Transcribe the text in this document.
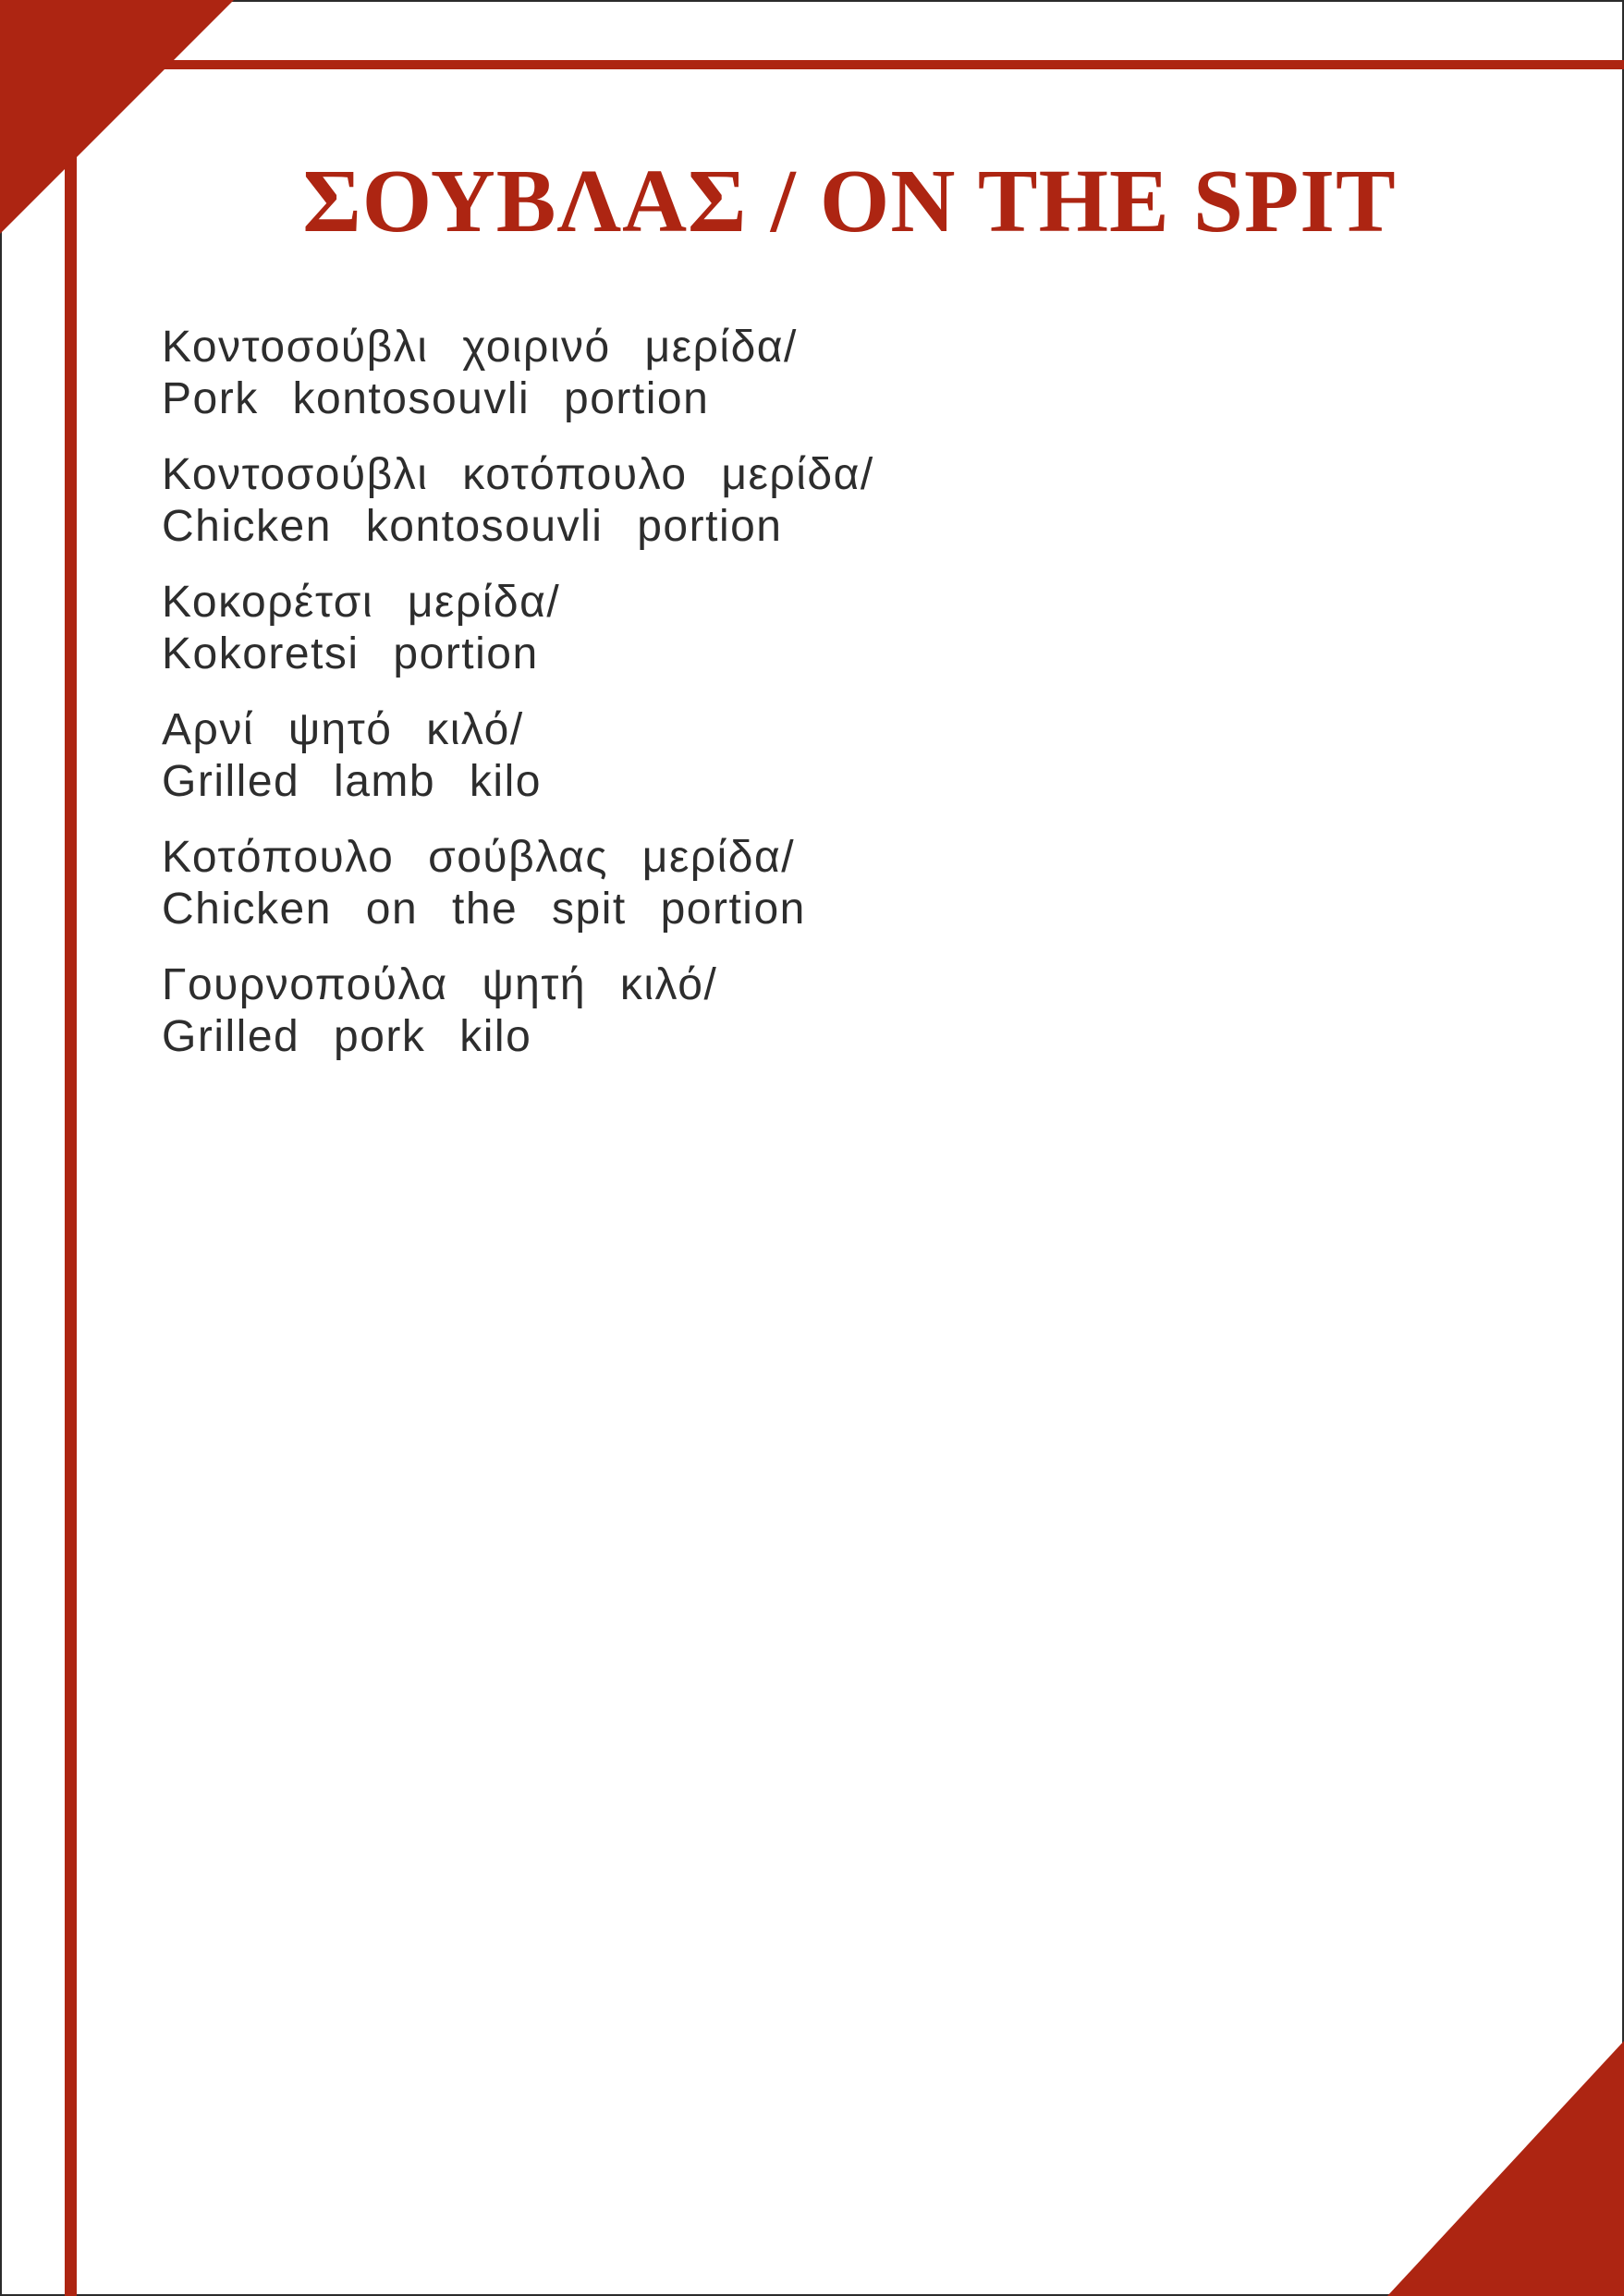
ΣΟΥΒΛΑΣ / ON THE SPIT
Κοντοσούβλι χοιρινό μερίδα/
Pork kontosouvli portion
Κοντοσούβλι κοτόπουλο μερίδα/
Chicken kontosouvli portion
Κοκορέτσι μερίδα/
Kokoretsi portion
Αρνί ψητό κιλό/
Grilled lamb kilo
Κοτόπουλο σούβλας μερίδα/
Chicken on the spit portion
Γουρνοπούλα ψητή κιλό/
Grilled pork kilo
